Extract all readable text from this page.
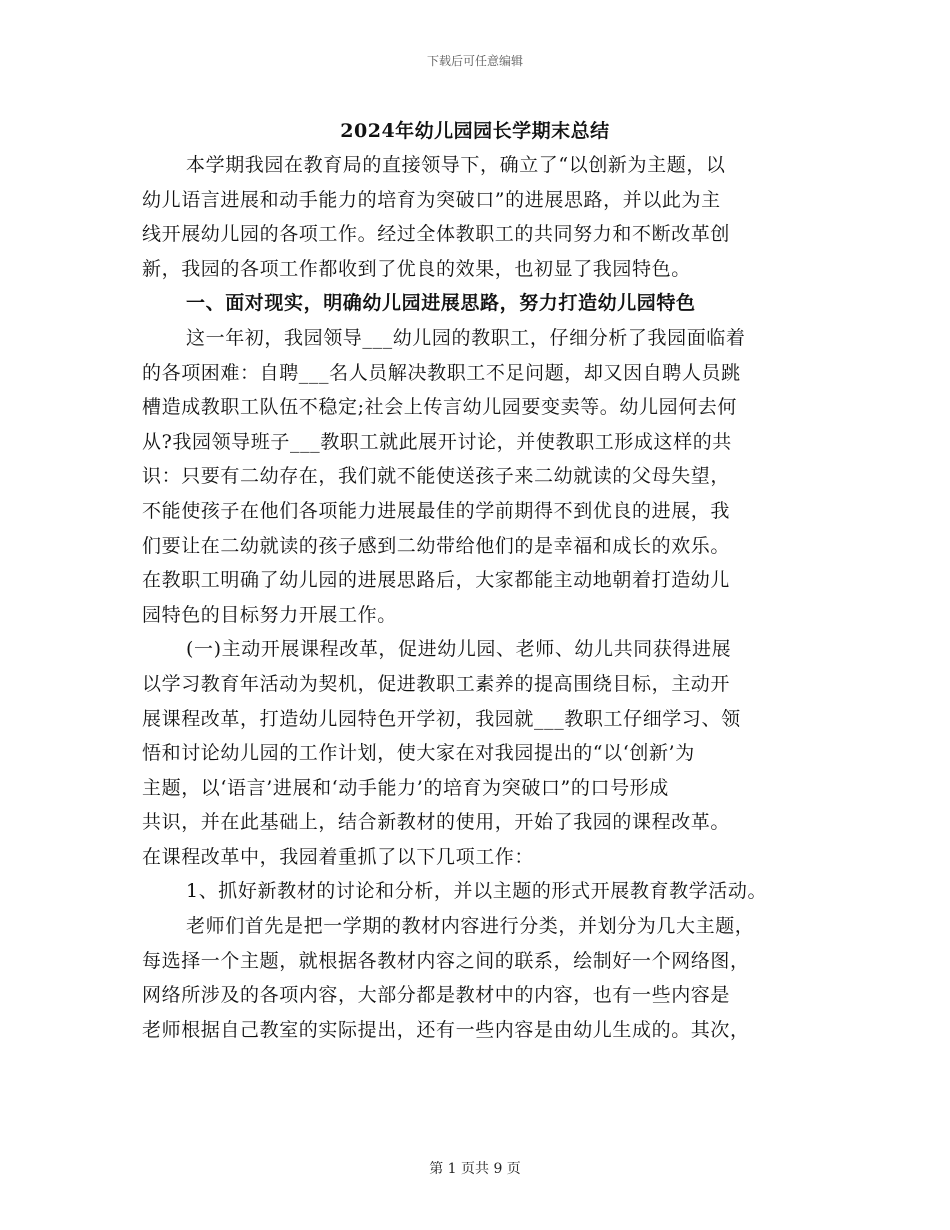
下载后可任意编辑
2024年幼儿园园长学期末总结
本学期我园在教育局的直接领导下，确立了“以创新为主题，以
幼儿语言进展和动手能力的培育为突破口”的进展思路，并以此为主
线开展幼儿园的各项工作。经过全体教职工的共同努力和不断改革创
新，我园的各项工作都收到了优良的效果，也初显了我园特色。
一、面对现实，明确幼儿园进展思路，努力打造幼儿园特色
这一年初，我园领导___幼儿园的教职工，仔细分析了我园面临着
的各项困难：自聘___名人员解决教职工不足问题，却又因自聘人员跳
槽造成教职工队伍不稳定;社会上传言幼儿园要变卖等。幼儿园何去何
从?我园领导班子___教职工就此展开讨论，并使教职工形成这样的共
识：只要有二幼存在，我们就不能使送孩子来二幼就读的父母失望，
不能使孩子在他们各项能力进展最佳的学前期得不到优良的进展，我
们要让在二幼就读的孩子感到二幼带给他们的是幸福和成长的欢乐。
在教职工明确了幼儿园的进展思路后，大家都能主动地朝着打造幼儿
园特色的目标努力开展工作。
(一)主动开展课程改革，促进幼儿园、老师、幼儿共同获得进展
以学习教育年活动为契机，促进教职工素养的提高围绕目标，主动开
展课程改革，打造幼儿园特色开学初，我园就___教职工仔细学习、领
悟和讨论幼儿园的工作计划，使大家在对我园提出的“以‘创新’为
主题，以‘语言’进展和‘动手能力’的培育为突破口”的口号形成
共识，并在此基础上，结合新教材的使用，开始了我园的课程改革。
在课程改革中，我园着重抓了以下几项工作：
1、抓好新教材的讨论和分析，并以主题的形式开展教育教学活动。
老师们首先是把一学期的教材内容进行分类，并划分为几大主题，
每选择一个主题，就根据各教材内容之间的联系，绘制好一个网络图，
网络所涉及的各项内容，大部分都是教材中的内容，也有一些内容是
老师根据自己教室的实际提出，还有一些内容是由幼儿生成的。其次，
第 1 页共 9 页
